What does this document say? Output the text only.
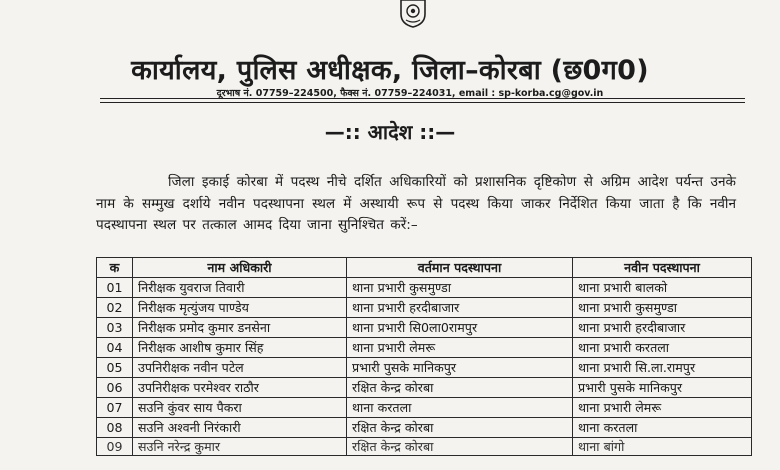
कार्यालय, पुलिस अधीक्षक, जिला–कोरबा (छ0ग0)
दूरभाष नं. 07759–224500, फैक्स नं. 07759–224031, email : sp-korba.cg@gov.in
—:: आदेश ::—
जिला इकाई कोरबा में पदस्थ नीचे दर्शित अधिकारियों को प्रशासनिक दृष्टिकोण से अग्रिम आदेश पर्यन्त उनके नाम के सम्मुख दर्शाये नवीन पदस्थापना स्थल में अस्थायी रूप से पदस्थ किया जाकर निर्देशित किया जाता है कि नवीन पदस्थापना स्थल पर तत्काल आमद दिया जाना सुनिश्चित करें:–
क	नाम अधिकारी	वर्तमान पदस्थापना	नवीन पदस्थापना
01	निरीक्षक युवराज तिवारी	थाना प्रभारी कुसमुण्डा	थाना प्रभारी बालको
02	निरीक्षक मृत्युंजय पाण्डेय	थाना प्रभारी हरदीबाजार	थाना प्रभारी कुसमुण्डा
03	निरीक्षक प्रमोद कुमार डनसेना	थाना प्रभारी सि0ला0रामपुर	थाना प्रभारी हरदीबाजार
04	निरीक्षक आशीष कुमार सिंह	थाना प्रभारी लेमरू	थाना प्रभारी करतला
05	उपनिरीक्षक नवीन पटेल	प्रभारी पुसके मानिकपुर	थाना प्रभारी सि.ला.रामपुर
06	उपनिरीक्षक परमेश्वर राठौर	रक्षित केन्द्र कोरबा	प्रभारी पुसके मानिकपुर
07	सउनि कुंवर साय पैकरा	थाना करतला	थाना प्रभारी लेमरू
08	सउनि अश्वनी निरंकारी	रक्षित केन्द्र कोरबा	थाना करतला
09	सउनि नरेन्द्र कुमार	रक्षित केन्द्र कोरबा	थाना बांगो
